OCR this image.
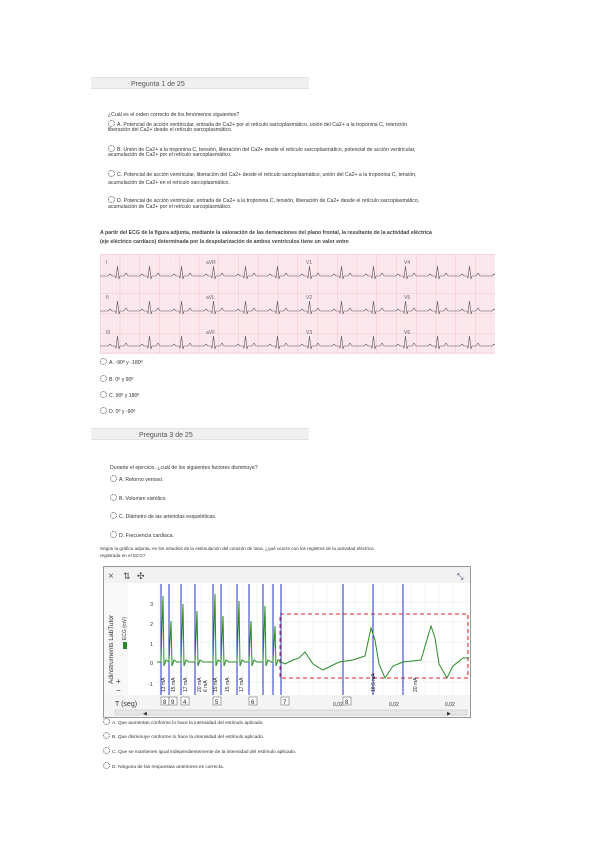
Pregunta 1 de 25
¿Cuál es el orden correcto de los fenómenos siguientes?
A. Potencial de acción ventricular, entrada de Ca2+ por el retículo sarcoplasmático, unión del Ca2+ a la troponina C, retención
liberación del Ca2+ desde el retículo sarcoplasmático.
B. Unión de Ca2+ a la troponina C, tensión, liberación del Ca2+ desde el retículo sarcoplasmático, potencial de acción ventricular,
acumulación de Ca2+ por el retículo sarcoplasmático.
C. Potencial de acción ventricular, liberación del Ca2+ desde el retículo sarcoplasmático, unión del Ca2+ a la troponina C, tensión,
acumulación de Ca2+ en el retículo sarcoplasmático.
D. Potencial de acción ventricular, entrada de Ca2+ a la troponina C, tensión, liberación de Ca2+ desde el retículo sarcoplasmático,
acumulación de Ca2+ por el retículo sarcoplasmático.
A partir del ECG de la figura adjunta, mediante la valoración de las derivaciones del plano frontal, la resultante de la actividad eléctrica
(eje eléctrico cardíaco) determinada por la despolarización de ambos ventrículos tiene un valor entre
I	aVR	V1	V4
II	aVL	V2	V5
III	aVF	V3	V6
A. -90º y -180º
B. 0º y 90º
C. 90º y 180º
D. 0º y -90º
Pregunta 3 de 25
Durante el ejercicio, ¿cuál de los siguientes factores disminuye?
A. Retorno venoso.
B. Volumen sistólico.
C. Diámetro de las arteriolas esqueléticas.
D. Frecuencia cardiaca.
Según la gráfica adjunta, en los estudios de la estimulación del corazón de rana, ¿qué ocurre con los registros de la actividad eléctrica
registrada en el ECG?
× ⇅ ✣	⤡
Adinstruments LabTutor ECG (mV)
+
−
3
2
1
0
-1 13 mA 15 mA 17 mA 20 mA 6 mA 15 mA 15 mA 17 mA	18,5 mA	20 mA
T (seg)	0,02	0,02	0,02
◀	▶
8 9 4	5	6	7	8
A. Que aumentan conforme lo hace la intensidad del estímulo aplicado.
B. Que disminuye conforme lo hace la intensidad del estímulo aplicado.
C. Que se mantienen igual independientemente de la intensidad del estímulo aplicado.
D. Ninguna de las respuestas anteriores es correcta.
